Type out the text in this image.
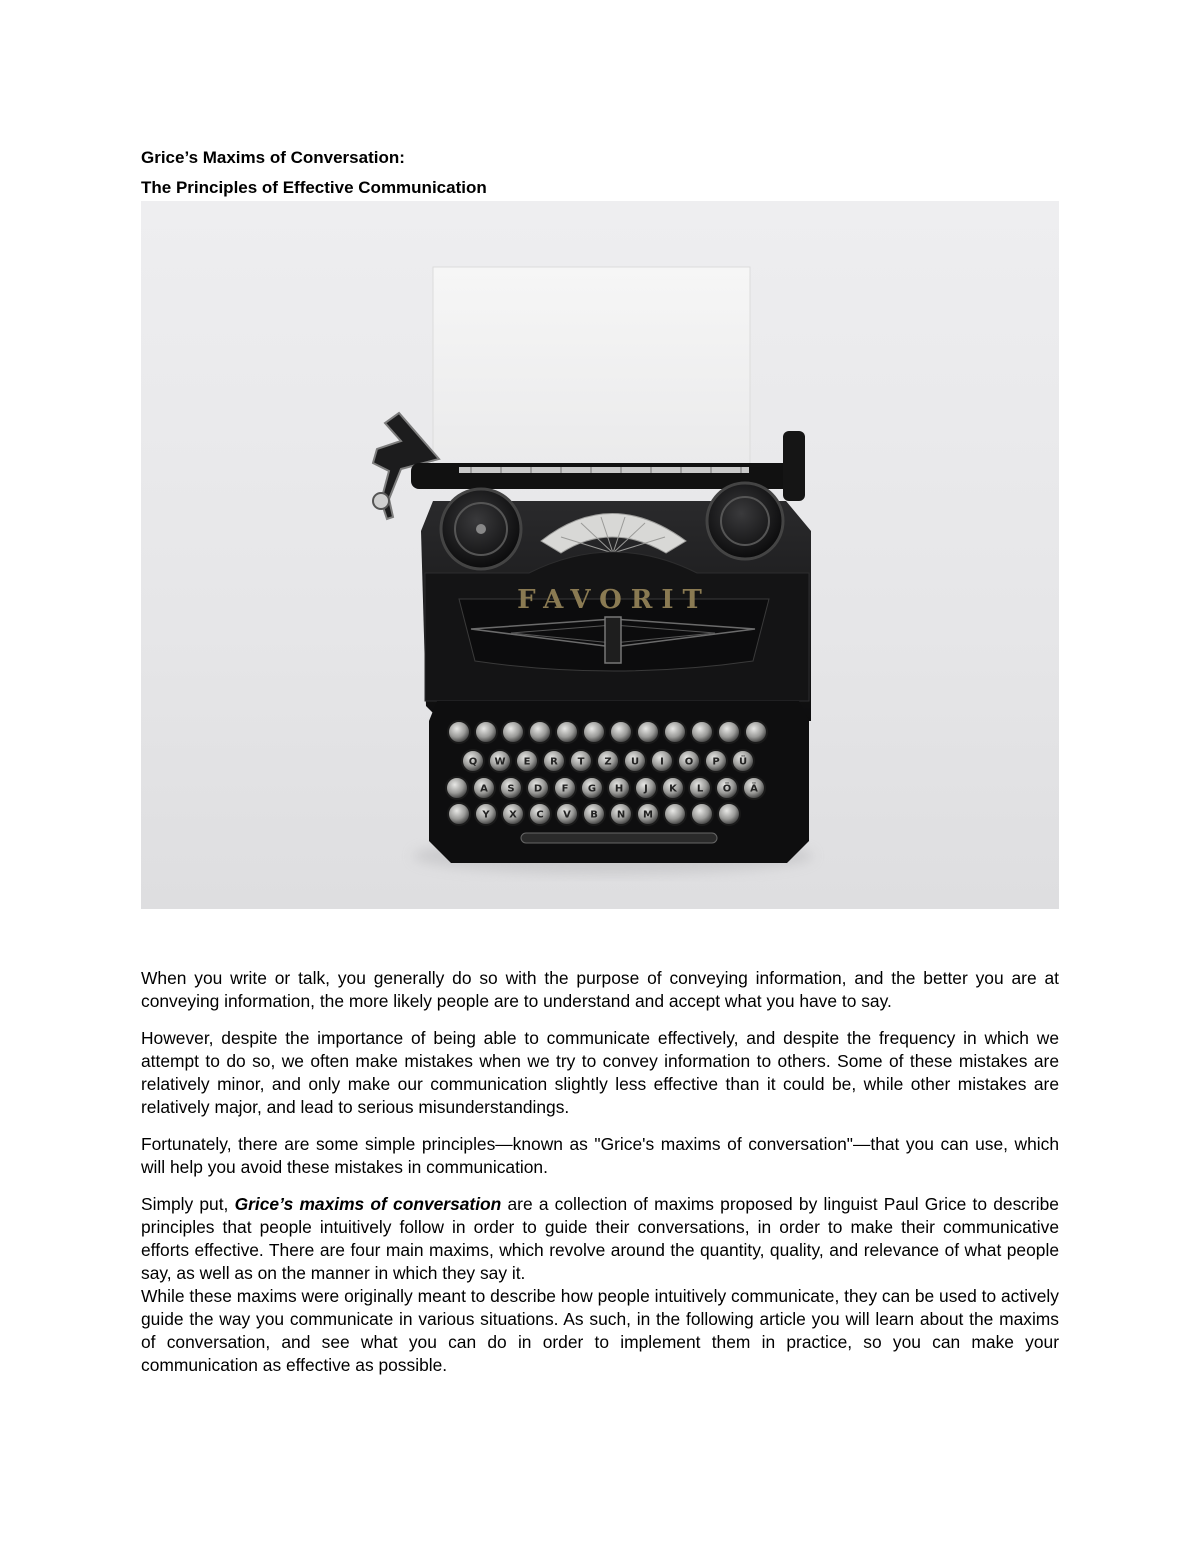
Grice’s Maxims of Conversation:

The Principles of Effective Communication

FAVORIT
Q W E R T Z U I O P Ü
A S D F G H J K L Ö Ä
Y X C V B N M

When you write or talk, you generally do so with the purpose of conveying information, and the better you are at conveying information, the more likely people are to understand and accept what you have to say.

However, despite the importance of being able to communicate effectively, and despite the frequency in which we attempt to do so, we often make mistakes when we try to convey information to others. Some of these mistakes are relatively minor, and only make our communication slightly less effective than it could be, while other mistakes are relatively major, and lead to serious misunderstandings.

Fortunately, there are some simple principles—known as "Grice's maxims of conversation"—that you can use, which will help you avoid these mistakes in communication.

Simply put, Grice’s maxims of conversation are a collection of maxims proposed by linguist Paul Grice to describe principles that people intuitively follow in order to guide their conversations, in order to make their communicative efforts effective. There are four main maxims, which revolve around the quantity, quality, and relevance of what people say, as well as on the manner in which they say it.

While these maxims were originally meant to describe how people intuitively communicate, they can be used to actively guide the way you communicate in various situations. As such, in the following article you will learn about the maxims of conversation, and see what you can do in order to implement them in practice, so you can make your communication as effective as possible.
